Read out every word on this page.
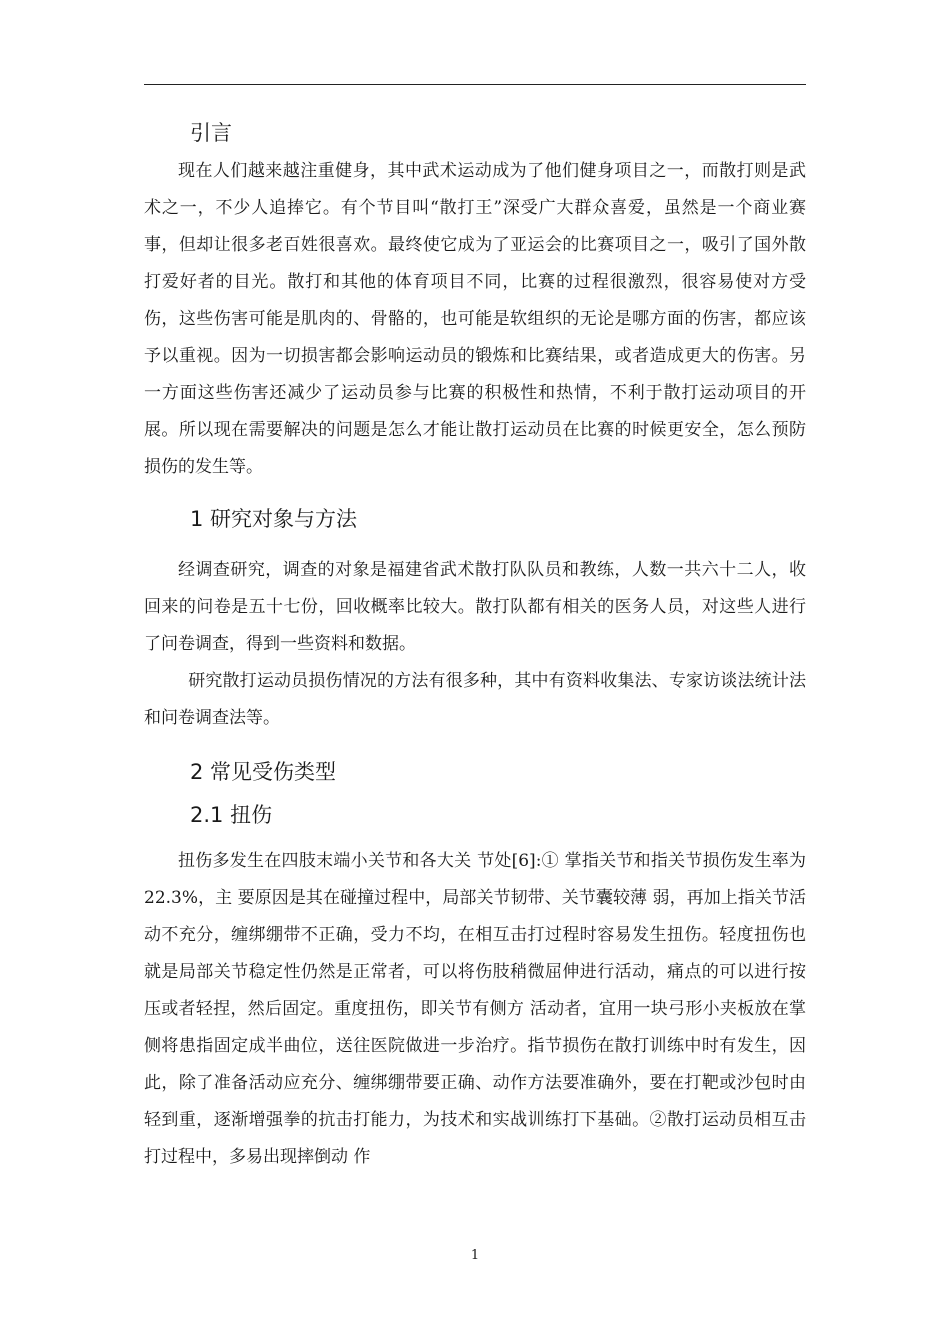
引言

现在人们越来越注重健身，其中武术运动成为了他们健身项目之一，而散打则是武术之一，不少人追捧它。有个节目叫“散打王”深受广大群众喜爱，虽然是一个商业赛事，但却让很多老百姓很喜欢。最终使它成为了亚运会的比赛项目之一，吸引了国外散打爱好者的目光。散打和其他的体育项目不同，比赛的过程很激烈，很容易使对方受伤，这些伤害可能是肌肉的、骨骼的，也可能是软组织的无论是哪方面的伤害，都应该予以重视。因为一切损害都会影响运动员的锻炼和比赛结果，或者造成更大的伤害。另一方面这些伤害还减少了运动员参与比赛的积极性和热情，不利于散打运动项目的开展。所以现在需要解决的问题是怎么才能让散打运动员在比赛的时候更安全，怎么预防损伤的发生等。

1 研究对象与方法

经调查研究，调查的对象是福建省武术散打队队员和教练，人数一共六十二人，收回来的问卷是五十七份，回收概率比较大。散打队都有相关的医务人员，对这些人进行了问卷调查，得到一些资料和数据。

研究散打运动员损伤情况的方法有很多种，其中有资料收集法、专家访谈法统计法和问卷调查法等。

2 常见受伤类型
2.1 扭伤

扭伤多发生在四肢末端小关节和各大关 节处[6]:① 掌指关节和指关节损伤发生率为 22.3%，主 要原因是其在碰撞过程中，局部关节韧带、关节囊较薄 弱，再加上指关节活动不充分，缠绑绷带不正确，受力不均，在相互击打过程时容易发生扭伤。轻度扭伤也就是局部关节稳定性仍然是正常者，可以将伤肢稍微屈伸进行活动，痛点的可以进行按压或者轻捏，然后固定。重度扭伤，即关节有侧方 活动者，宜用一块弓形小夹板放在掌侧将患指固定成半曲位，送往医院做进一步治疗。指节损伤在散打训练中时有发生，因此，除了准备活动应充分、缠绑绷带要正确、动作方法要准确外，要在打靶或沙包时由轻到重，逐渐增强拳的抗击打能力，为技术和实战训练打下基础。②散打运动员相互击打过程中，多易出现摔倒动 作

1
